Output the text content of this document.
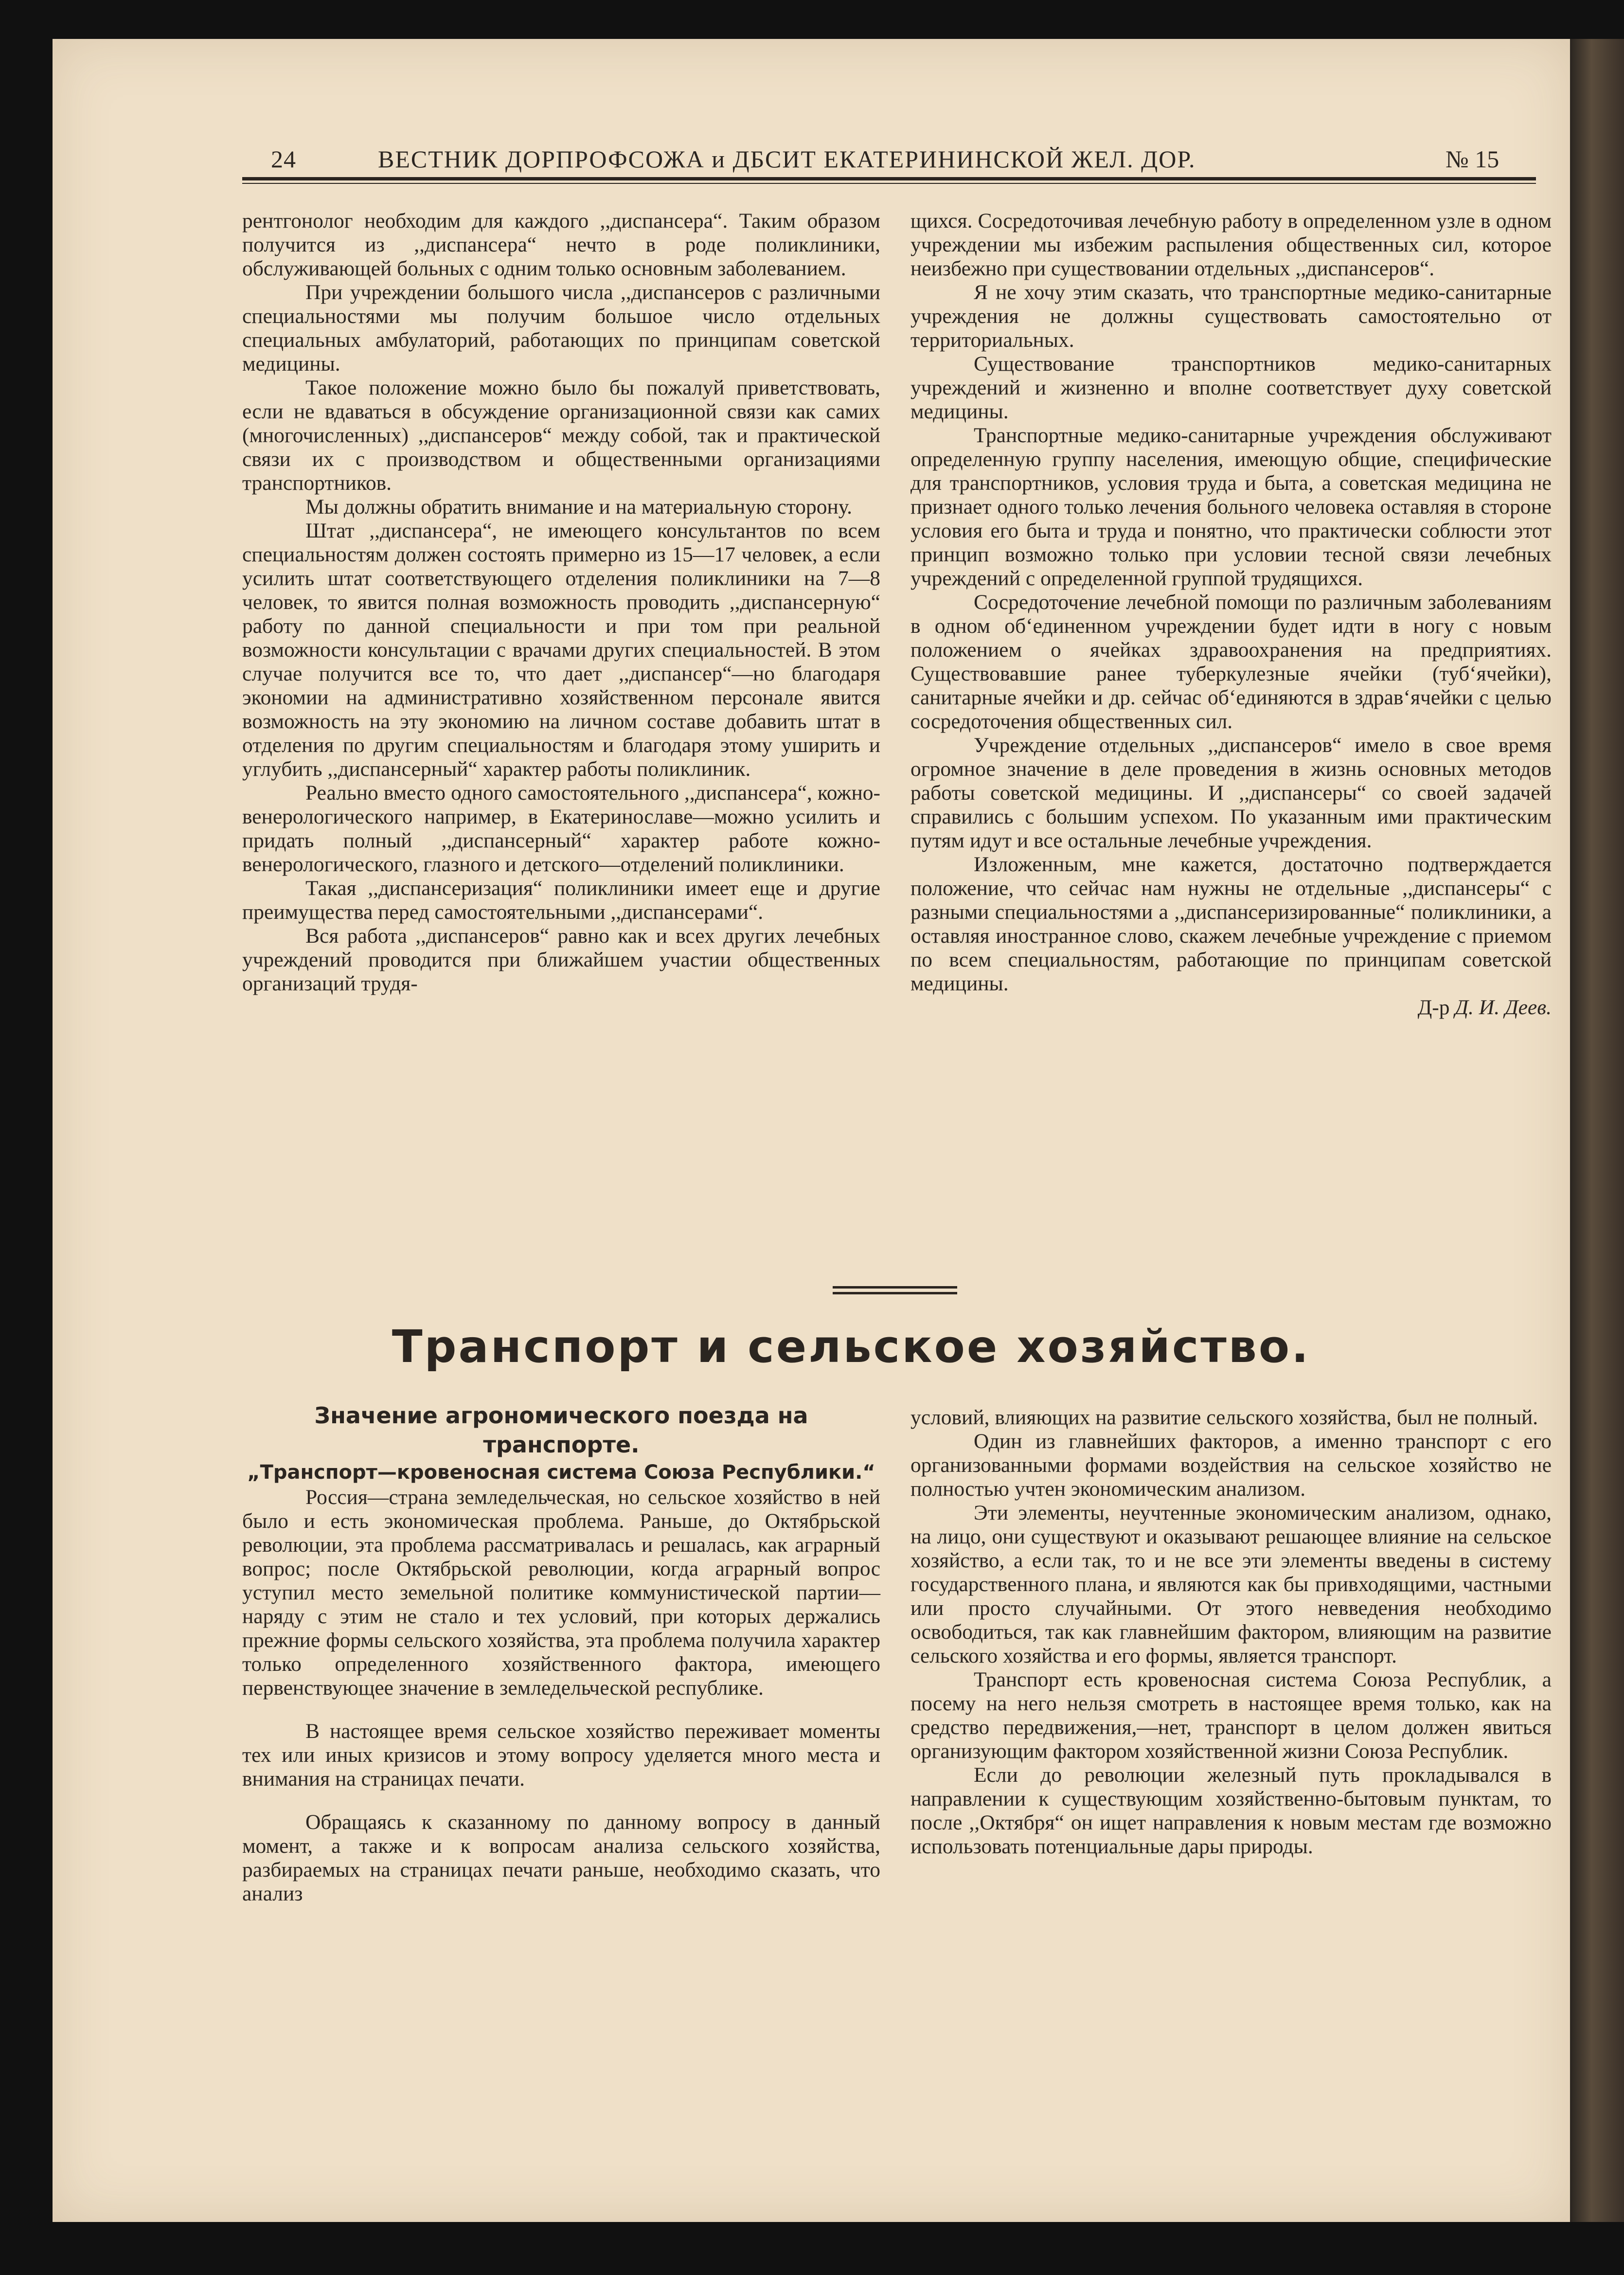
24	ВЕСТНИК ДОРПРОФСОЖА и ДБСИТ ЕКАТЕРИНИНСКОЙ ЖЕЛ. ДОР.	№ 15

рентгонолог необходим для каждого ,,диспансера“. Таким образом получится из ,,диспансера“ нечто в роде поликлиники, обслуживающей больных с одним только основным заболеванием.

При учреждении большого числа ,,диспансеров с различными специальностями мы получим большое число отдельных специальных амбулаторий, работающих по принципам советской медицины.

Такое положение можно было бы пожалуй приветствовать, если не вдаваться в обсуждение организационной связи как самих (многочисленных) ,,диспансеров“ между собой, так и практической связи их с производством и общественными организациями транспортников.

Мы должны обратить внимание и на материальную сторону.

Штат ,,диспансера“, не имеющего консультантов по всем специальностям должен состоять примерно из 15—17 человек, а если усилить штат соответствующего отделения поликлиники на 7—8 человек, то явится полная возможность проводить ,,диспансерную“ работу по данной специальности и при том при реальной возможности консультации с врачами других специальностей. В этом случае получится все то, что дает ,,диспансер“—но благодаря экономии на административно хозяйственном персонале явится возможность на эту экономию на личном составе добавить штат в отделения по другим специальностям и благодаря этому уширить и углубить ,,диспансерный“ характер работы поликлиник.

Реально вместо одного самостоятельного ,,диспансера“, кожно-венерологического например, в Екатеринославе—можно усилить и придать полный ,,диспансерный“ характер работе кожно-венерологического, глазного и детского—отделений поликлиники.

Такая ,,диспансеризация“ поликлиники имеет еще и другие преимущества перед самостоятельными ,,диспансерами“.

Вся работа ,,диспансеров“ равно как и всех других лечебных учреждений проводится при ближайшем участии общественных организаций трудя-

щихся. Сосредоточивая лечебную работу в определенном узле в одном учреждении мы избежим распыления общественных сил, которое неизбежно при существовании отдельных ,,диспансеров“.

Я не хочу этим сказать, что транспортные медико-санитарные учреждения не должны существовать самостоятельно от территориальных.

Существование транспортников медико-санитарных учреждений и жизненно и вполне соответствует духу советской медицины.

Транспортные медико-санитарные учреждения обслуживают определенную группу населения, имеющую общие, специфические для транспортников, условия труда и быта, а советская медицина не признает одного только лечения больного человека оставляя в стороне условия его быта и труда и понятно, что практически соблюсти этот принцип возможно только при условии тесной связи лечебных учреждений с определенной группой трудящихся.

Сосредоточение лечебной помощи по различным заболеваниям в одном об‘единенном учреждении будет идти в ногу с новым положением о ячейках здравоохранения на предприятиях. Существовавшие ранее туберкулезные ячейки (туб‘ячейки), санитарные ячейки и др. сейчас об‘единяются в здрав‘ячейки с целью сосредоточения общественных сил.

Учреждение отдельных ,,диспансеров“ имело в свое время огромное значение в деле проведения в жизнь основных методов работы советской медицины. И ,,диспансеры“ со своей задачей справились с большим успехом. По указанным ими практическим путям идут и все остальные лечебные учреждения.

Изложенным, мне кажется, достаточно подтверждается положение, что сейчас нам нужны не отдельные ,,диспансеры“ с разными специальностями а ,,диспансеризированные“ поликлиники, а оставляя иностранное слово, скажем лечебные учреждение с приемом по всем специальностям, работающие по принципам советской медицины.

Д-р Д. И. Деев.

Транспорт и сельское хозяйство.

Значение агрономического поезда на транспорте.

„Транспорт—кровеносная система Союза Республики.“

Россия—страна земледельческая, но сельское хозяйство в ней было и есть экономическая проблема. Раньше, до Октябрьской революции, эта проблема рассматривалась и решалась, как аграрный вопрос; после Октябрьской революции, когда аграрный вопрос уступил место земельной политике коммунистической партии—наряду с этим не стало и тех условий, при которых держались прежние формы сельского хозяйства, эта проблема получила характер только определенного хозяйственного фактора, имеющего первенствующее значение в земледельческой республике.

В настоящее время сельское хозяйство переживает моменты тех или иных кризисов и этому вопросу уделяется много места и внимания на страницах печати.

Обращаясь к сказанному по данному вопросу в данный момент, а также и к вопросам анализа сельского хозяйства, разбираемых на страницах печати раньше, необходимо сказать, что анализ

условий, влияющих на развитие сельского хозяйства, был не полный.

Один из главнейших факторов, а именно транспорт с его организованными формами воздействия на сельское хозяйство не полностью учтен экономическим анализом.

Эти элементы, неучтенные экономическим анализом, однако, на лицо, они существуют и оказывают решающее влияние на сельское хозяйство, а если так, то и не все эти элементы введены в систему государственного плана, и являются как бы привходящими, частными или просто случайными. От этого невведения необходимо освободиться, так как главнейшим фактором, влияющим на развитие сельского хозяйства и его формы, является транспорт.

Транспорт есть кровеносная система Союза Республик, а посему на него нельзя смотреть в настоящее время только, как на средство передвижения,—нет, транспорт в целом должен явиться организующим фактором хозяйственной жизни Союза Республик.

Если до революции железный путь прокладывался в направлении к существующим хозяйственно-бытовым пунктам, то после ,,Октября“ он ищет направления к новым местам где возможно использовать потенциальные дары природы.
